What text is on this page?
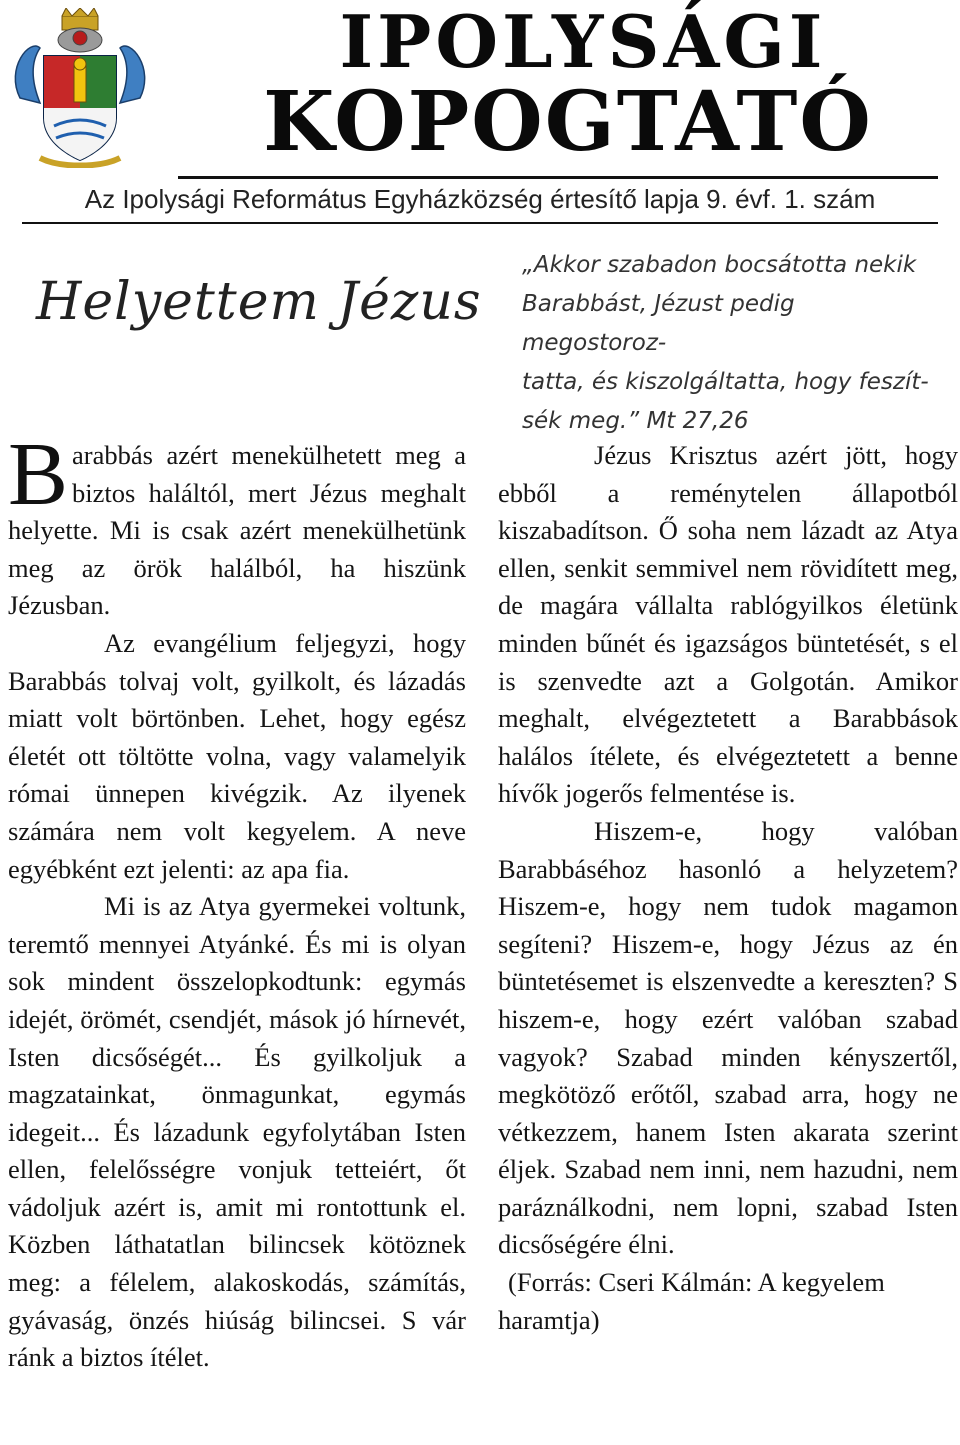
IPOLYSÁGI
KOPOGTATÓ
Az Ipolysági Református Egyházközség értesítő lapja 9. évf. 1. szám
Helyettem Jézus
„Akkor szabadon bocsátotta nekik
Barabbást, Jézust pedig megostoroz-
tatta, és kiszolgáltatta, hogy feszít-
sék meg.” Mt 27,26

Barabbás azért menekülhetett meg a biztos haláltól, mert Jézus meghalt helyette. Mi is csak azért menekülhetünk meg az örök halálból, ha hiszünk Jézusban.

Az evangélium feljegyzi, hogy Barabbás tolvaj volt, gyilkolt, és lázadás miatt volt börtönben. Lehet, hogy egész életét ott töltötte volna, vagy valamelyik római ünnepen kivégzik. Az ilyenek számára nem volt kegyelem. A neve egyébként ezt jelenti: az apa fia.

Mi is az Atya gyermekei voltunk, teremtő mennyei Atyánké. És mi is olyan sok mindent összelopkodtunk: egymás idejét, örömét, csendjét, mások jó hírnevét, Isten dicsőségét... És gyilkoljuk a magzatainkat, önmagunkat, egymás idegeit... És lázadunk egyfolytában Isten ellen, felelősségre vonjuk tetteiért, őt vádoljuk azért is, amit mi rontottunk el. Közben láthatatlan bilincsek kötöznek meg: a félelem, alakoskodás, számítás, gyávaság, önzés hiúság bilincsei. S vár ránk a biztos ítélet.

Jézus Krisztus azért jött, hogy ebből a reménytelen állapotból kiszabadítson. Ő soha nem lázadt az Atya ellen, senkit semmivel nem rövidített meg, de magára vállalta rablógyilkos életünk minden bűnét és igazságos büntetését, s el is szenvedte azt a Golgotán. Amikor meghalt, elvégeztetett a Barabbások halálos ítélete, és elvégeztetett a benne hívők jogerős felmentése is.

Hiszem-e, hogy valóban Barabbáséhoz hasonló a helyzetem? Hiszem-e, hogy nem tudok magamon segíteni? Hiszem-e, hogy Jézus az én büntetésemet is elszenvedte a kereszten? S hiszem-e, hogy ezért valóban szabad vagyok? Szabad minden kényszertől, megkötöző erőtől, szabad arra, hogy ne vétkezzem, hanem Isten akarata szerint éljek. Szabad nem inni, nem hazudni, nem paráználkodni, nem lopni, szabad Isten dicsőségére élni.

(Forrás: Cseri Kálmán: A kegyelem haramtja)
